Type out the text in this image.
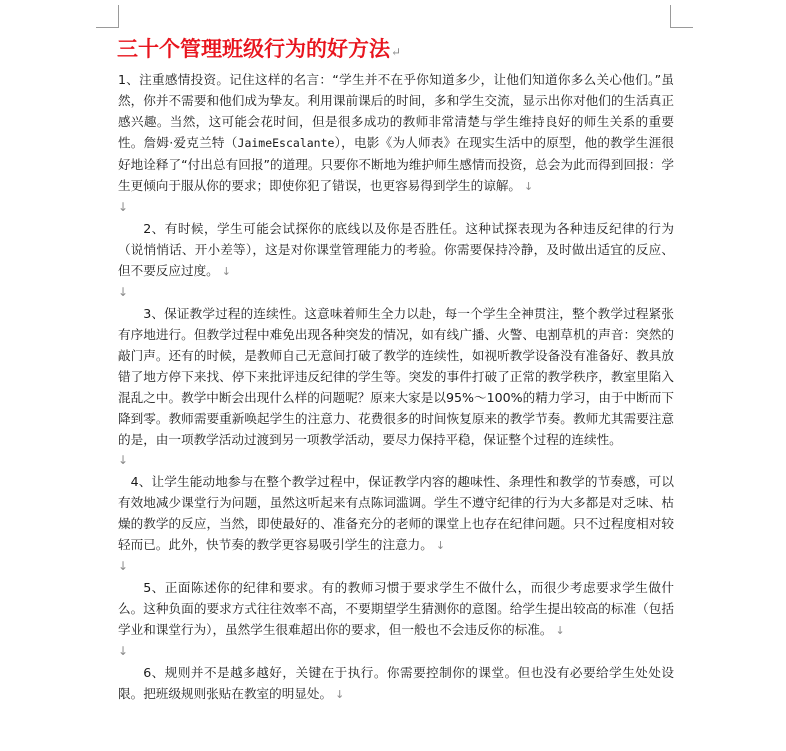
三十个管理班级行为的好方法↵

1、注重感情投资。记住这样的名言：“学生并不在乎你知道多少，让他们知道你多么关心他们。”虽然，你并不需要和他们成为挚友。利用课前课后的时间，多和学生交流，显示出你对他们的生活真正感兴趣。当然，这可能会花时间，但是很多成功的教师非常清楚与学生维持良好的师生关系的重要性。詹姆·爱克兰特（JaimeEscalante），电影《为人师表》在现实生活中的原型，他的教学生涯很好地诠释了“付出总有回报”的道理。只要你不断地为维护师生感情而投资，总会为此而得到回报：学生更倾向于服从你的要求；即使你犯了错误，也更容易得到学生的谅解。 ↓

↓

2、有时候，学生可能会试探你的底线以及你是否胜任。这种试探表现为各种违反纪律的行为（说悄悄话、开小差等），这是对你课堂管理能力的考验。你需要保持冷静，及时做出适宜的反应、但不要反应过度。 ↓

↓

3、保证教学过程的连续性。这意味着师生全力以赴，每一个学生全神贯注，整个教学过程紧张有序地进行。但教学过程中难免出现各种突发的情况，如有线广播、火警、电割草机的声音：突然的敲门声。还有的时候，是教师自己无意间打破了教学的连续性，如视听教学设备没有准备好、教具放错了地方停下来找、停下来批评违反纪律的学生等。突发的事件打破了正常的教学秩序，教室里陷入混乱之中。教学中断会出现什么样的问题呢？原来大家是以95%～100%的精力学习，由于中断而下降到零。教师需要重新唤起学生的注意力、花费很多的时间恢复原来的教学节奏。教师尤其需要注意的是，由一项教学活动过渡到另一项教学活动，要尽力保持平稳，保证整个过程的连续性。

↓

4、让学生能动地参与在整个教学过程中，保证教学内容的趣味性、条理性和教学的节奏感，可以有效地减少课堂行为问题，虽然这听起来有点陈词滥调。学生不遵守纪律的行为大多都是对乏味、枯燥的教学的反应，当然，即使最好的、准备充分的老师的课堂上也存在纪律问题。只不过程度相对较轻而已。此外，快节奏的教学更容易吸引学生的注意力。 ↓

↓

5、正面陈述你的纪律和要求。有的教师习惯于要求学生不做什么，而很少考虑要求学生做什么。这种负面的要求方式往往效率不高，不要期望学生猜测你的意图。给学生提出较高的标准（包括学业和课堂行为），虽然学生很难超出你的要求，但一般也不会违反你的标准。 ↓

↓

6、规则并不是越多越好，关键在于执行。你需要控制你的课堂。但也没有必要给学生处处设限。把班级规则张贴在教室的明显处。 ↓
